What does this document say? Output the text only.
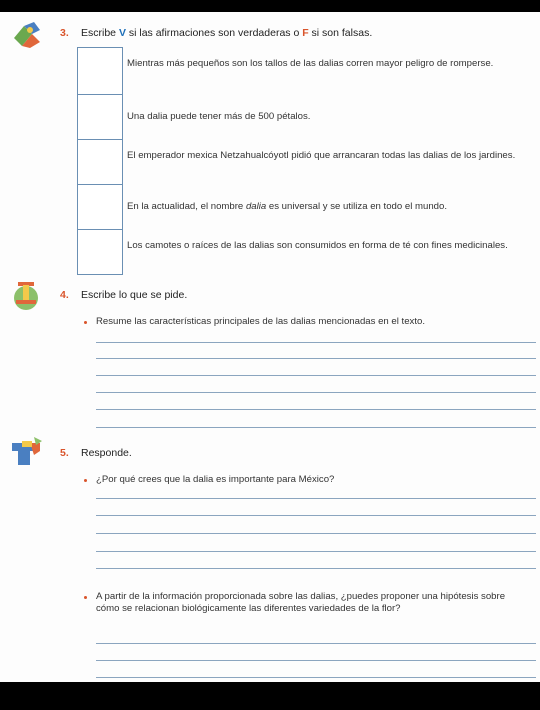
3. Escribe V si las afirmaciones son verdaderas o F si son falsas.
Mientras más pequeños son los tallos de las dalias corren mayor peligro de romperse.
Una dalia puede tener más de 500 pétalos.
El emperador mexica Netzahualcóyotl pidió que arrancaran todas las dalias de los jardines.
En la actualidad, el nombre dalia es universal y se utiliza en todo el mundo.
Los camotes o raíces de las dalias son consumidos en forma de té con fines medicinales.
4. Escribe lo que se pide.
Resume las características principales de las dalias mencionadas en el texto.
5. Responde.
¿Por qué crees que la dalia es importante para México?
A partir de la información proporcionada sobre las dalias, ¿puedes proponer una hipótesis sobre cómo se relacionan biológicamente las diferentes variedades de la flor?
